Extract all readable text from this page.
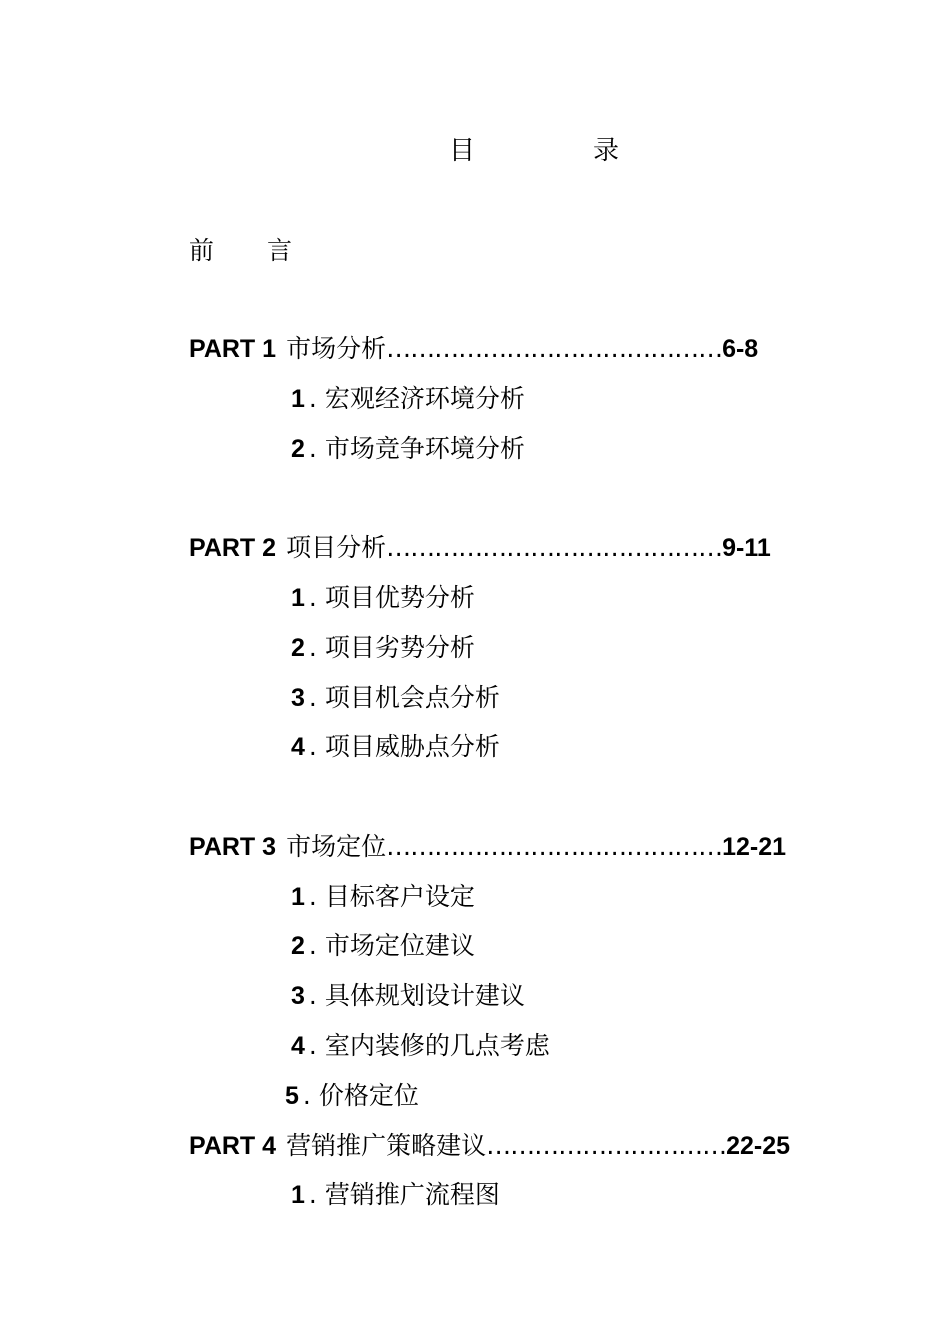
目　录
前言
PART 1 市场分析……………………………………6-8
1 . 宏观经济环境分析
2 . 市场竞争环境分析
PART 2 项目分析……………………………………9-11
1 . 项目优势分析
2 . 项目劣势分析
3 . 项目机会点分析
4 . 项目威胁点分析
PART 3 市场定位……………………………………12-21
1 . 目标客户设定
2 . 市场定位建议
3 . 具体规划设计建议
4 . 室内装修的几点考虑
5 . 价格定位
PART 4 营销推广策略建议…………………………22-25
1 . 营销推广流程图
